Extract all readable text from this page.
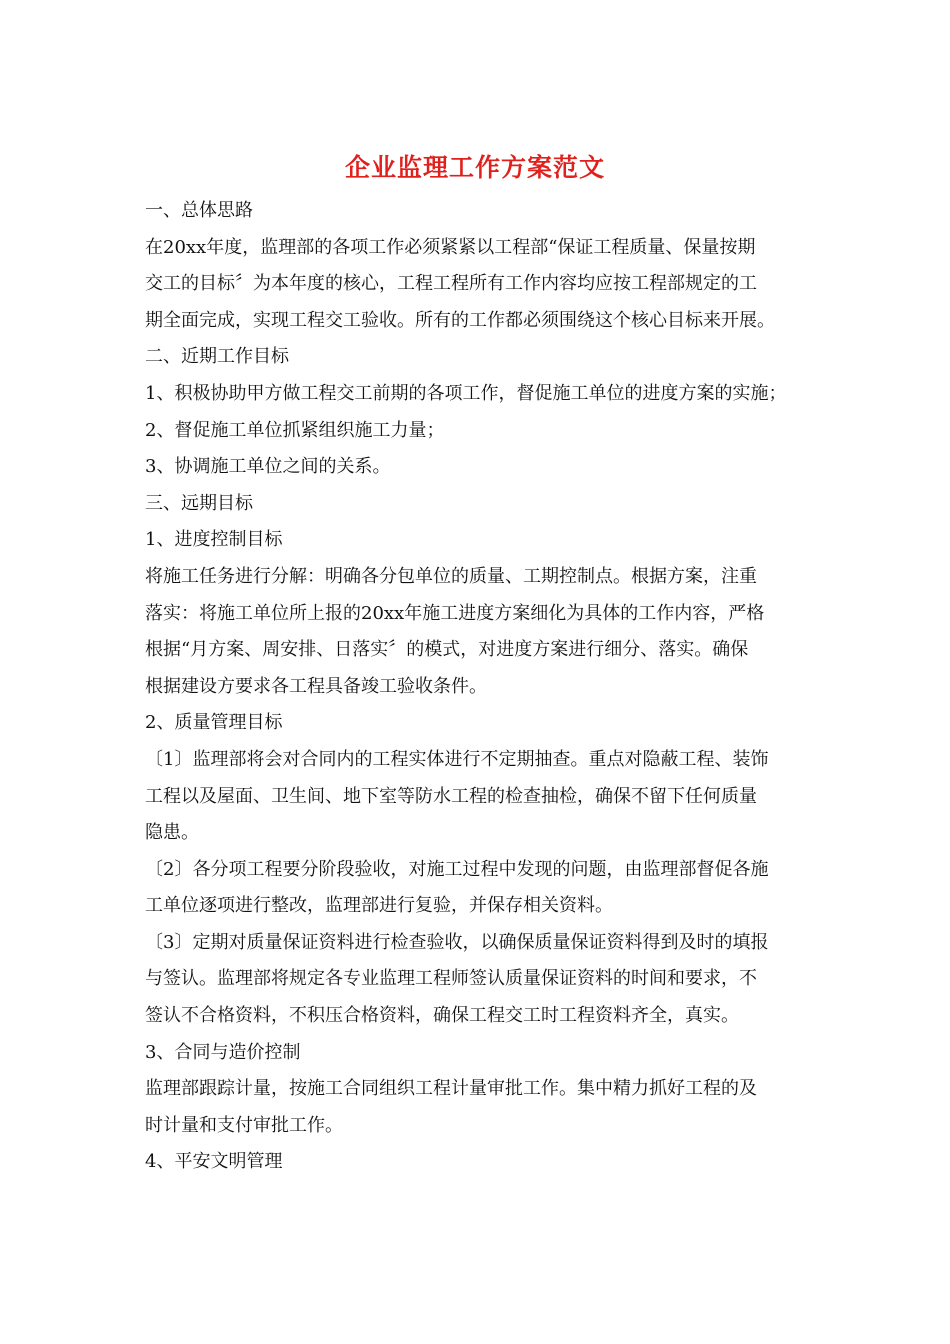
企业监理工作方案范文
一、总体思路
在20xx年度，监理部的各项工作必须紧紧以工程部“保证工程质量、保量按期
交工的目标〞为本年度的核心，工程工程所有工作内容均应按工程部规定的工
期全面完成，实现工程交工验收。所有的工作都必须围绕这个核心目标来开展。
二、近期工作目标
1、积极协助甲方做工程交工前期的各项工作，督促施工单位的进度方案的实施；
2、督促施工单位抓紧组织施工力量；
3、协调施工单位之间的关系。
三、远期目标
1、进度控制目标
将施工任务进行分解：明确各分包单位的质量、工期控制点。根据方案，注重
落实：将施工单位所上报的20xx年施工进度方案细化为具体的工作内容，严格
根据“月方案、周安排、日落实〞的模式，对进度方案进行细分、落实。确保
根据建设方要求各工程具备竣工验收条件。
2、质量管理目标
〔1〕监理部将会对合同内的工程实体进行不定期抽查。重点对隐蔽工程、装饰
工程以及屋面、卫生间、地下室等防水工程的检查抽检，确保不留下任何质量
隐患。
〔2〕各分项工程要分阶段验收，对施工过程中发现的问题，由监理部督促各施
工单位逐项进行整改，监理部进行复验，并保存相关资料。
〔3〕定期对质量保证资料进行检查验收，以确保质量保证资料得到及时的填报
与签认。监理部将规定各专业监理工程师签认质量保证资料的时间和要求，不
签认不合格资料，不积压合格资料，确保工程交工时工程资料齐全，真实。
3、合同与造价控制
监理部跟踪计量，按施工合同组织工程计量审批工作。集中精力抓好工程的及
时计量和支付审批工作。
4、平安文明管理
